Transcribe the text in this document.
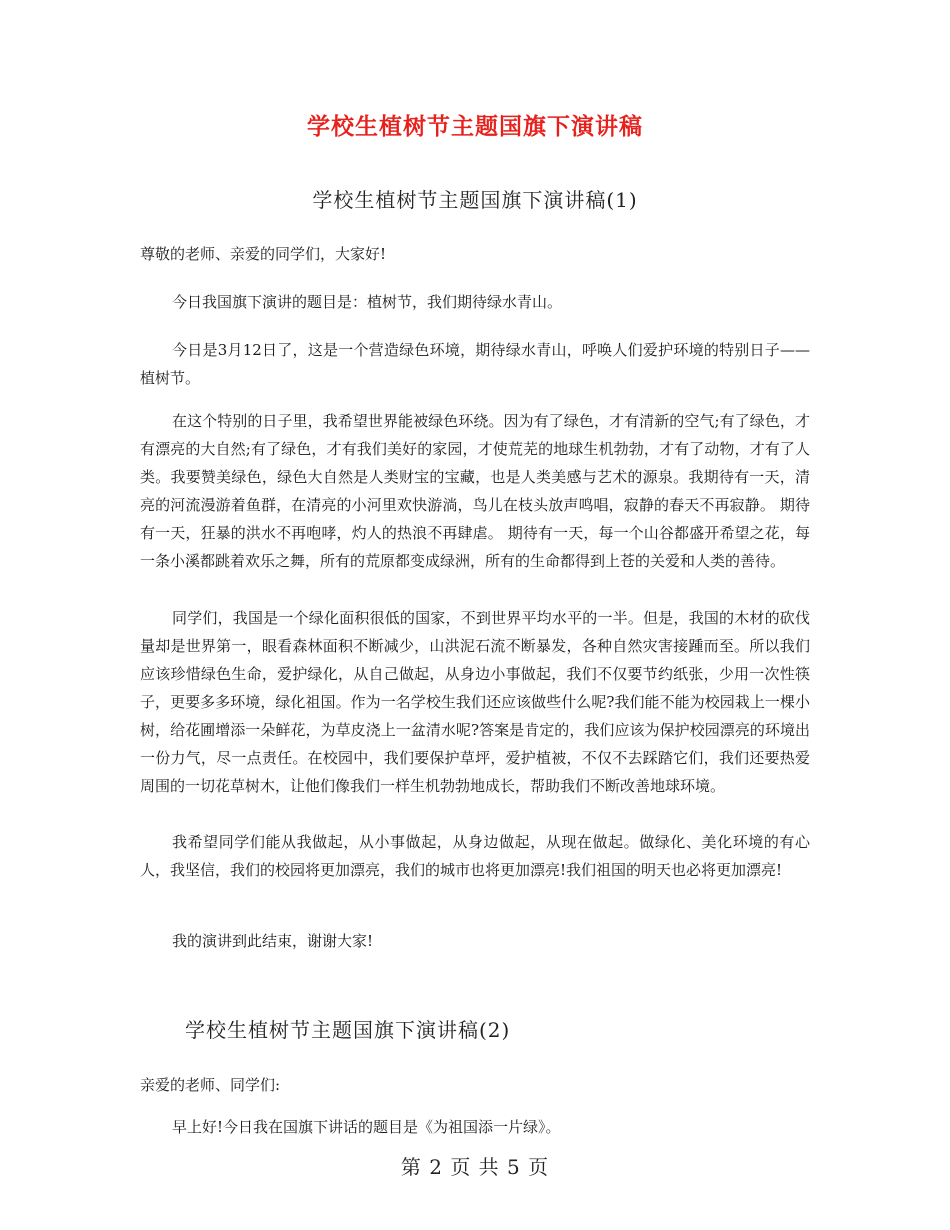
学校生植树节主题国旗下演讲稿
学校生植树节主题国旗下演讲稿(1)

尊敬的老师、亲爱的同学们，大家好!

今日我国旗下演讲的题目是：植树节，我们期待绿水青山。

今日是3月12日了，这是一个营造绿色环境，期待绿水青山，呼唤人们爱护环境的特别日子——植树节。

在这个特别的日子里，我希望世界能被绿色环绕。因为有了绿色，才有清新的空气;有了绿色，才有漂亮的大自然;有了绿色，才有我们美好的家园，才使荒芜的地球生机勃勃，才有了动物，才有了人类。我要赞美绿色，绿色大自然是人类财宝的宝藏，也是人类美感与艺术的源泉。我期待有一天，清亮的河流漫游着鱼群，在清亮的小河里欢快游淌，鸟儿在枝头放声鸣唱，寂静的春天不再寂静。 期待有一天，狂暴的洪水不再咆哮，灼人的热浪不再肆虐。 期待有一天，每一个山谷都盛开希望之花，每一条小溪都跳着欢乐之舞，所有的荒原都变成绿洲，所有的生命都得到上苍的关爱和人类的善待。

同学们，我国是一个绿化面积很低的国家，不到世界平均水平的一半。但是，我国的木材的砍伐量却是世界第一，眼看森林面积不断减少，山洪泥石流不断暴发，各种自然灾害接踵而至。所以我们应该珍惜绿色生命，爱护绿化，从自己做起，从身边小事做起，我们不仅要节约纸张，少用一次性筷子，更要多多环境，绿化祖国。作为一名学校生我们还应该做些什么呢?我们能不能为校园栽上一棵小树，给花圃增添一朵鲜花，为草皮浇上一盆清水呢?答案是肯定的，我们应该为保护校园漂亮的环境出一份力气，尽一点责任。在校园中，我们要保护草坪，爱护植被，不仅不去踩踏它们，我们还要热爱周围的一切花草树木，让他们像我们一样生机勃勃地成长，帮助我们不断改善地球环境。

我希望同学们能从我做起，从小事做起，从身边做起，从现在做起。做绿化、美化环境的有心人，我坚信，我们的校园将更加漂亮，我们的城市也将更加漂亮!我们祖国的明天也必将更加漂亮!

我的演讲到此结束，谢谢大家!

学校生植树节主题国旗下演讲稿(2)

亲爱的老师、同学们:

早上好!今日我在国旗下讲话的题目是《为祖国添一片绿》。

第 2 页 共 5 页
